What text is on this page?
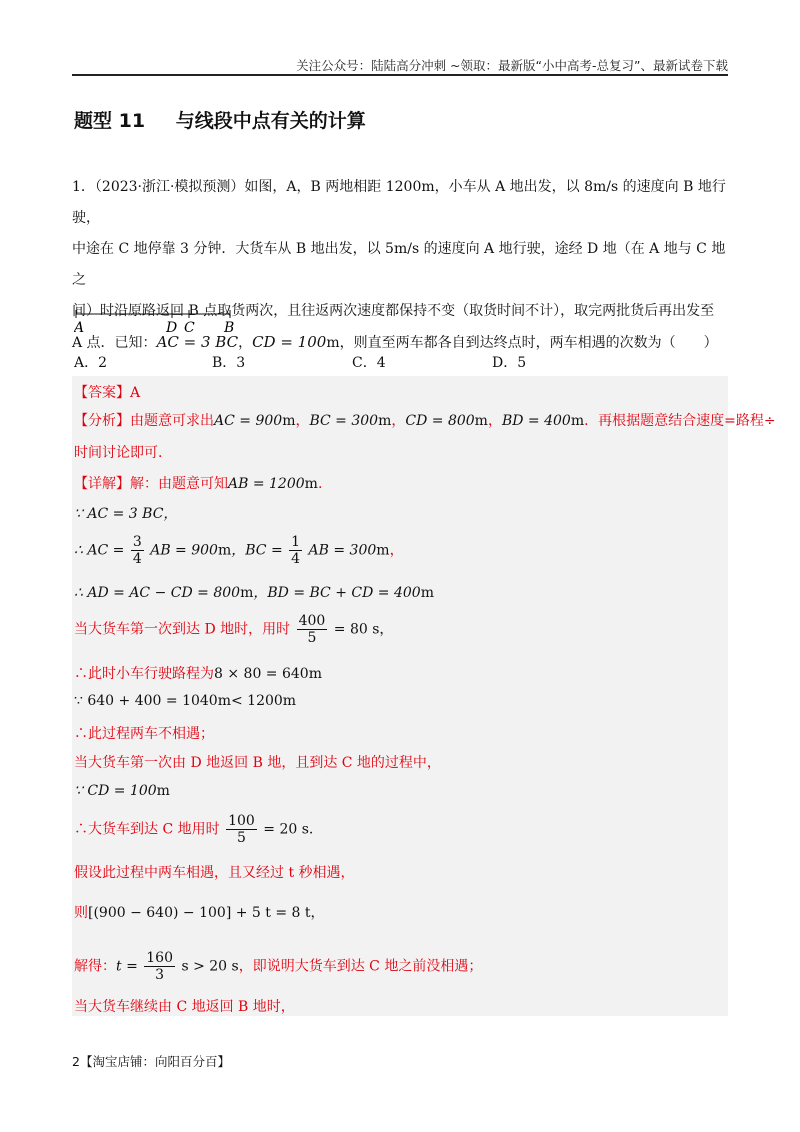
关注公众号：陆陆高分冲刺 ~领取：最新版“小中高考-总复习”、最新试卷下载
题型 11 与线段中点有关的计算

1．（2023·浙江·模拟预测）如图，A，B 两地相距 1200m，小车从 A 地出发，以 8m/s 的速度向 B 地行驶，

中途在 C 地停靠 3 分钟．大货车从 B 地出发，以 5m/s 的速度向 A 地行驶，途经 D 地（在 A 地与 C 地之

间）时沿原路返回 B 点取货两次，且往返两次速度都保持不变（取货时间不计），取完两批货后再出发至

A 点．已知：AC = 3 BC，CD = 100m，则直至两车都各自到达终点时，两车相遇的次数为（　　）

A	D C B
A．2	B．3	C．4	D．5
【答案】A
【分析】由题意可求出AC = 900m，BC = 300m，CD = 800m，BD = 400m．再根据题意结合速度=路程÷
时间讨论即可.
【详解】解：由题意可知AB = 1200m.
∵ AC = 3 BC，
∴ AC = $\frac{3}{4}$ AB = 900m，BC = $\frac{1}{4}$ AB = 300m，
∴ AD = AC − CD = 800m，BD = BC + CD = 400m
当大货车第一次到达 D 地时，用时 $\frac{400}{5} = 80$ s，
∴此时小车行驶路程为8 × 80 = 640m
∵ 640 + 400 = 1040m< 1200m
∴此过程两车不相遇；
当大货车第一次由 D 地返回 B 地，且到达 C 地的过程中，
∵ CD = 100m
∴大货车到达 C 地用时 $\frac{100}{5} = 20$ s.
假设此过程中两车相遇，且又经过 t 秒相遇，
则[(900 − 640) − 100] + 5 t = 8 t，
解得：$t = \frac{160}{3}$ s > 20 s，即说明大货车到达 C 地之前没相遇；
当大货车继续由 C 地返回 B 地时，
2【淘宝店铺：向阳百分百】
